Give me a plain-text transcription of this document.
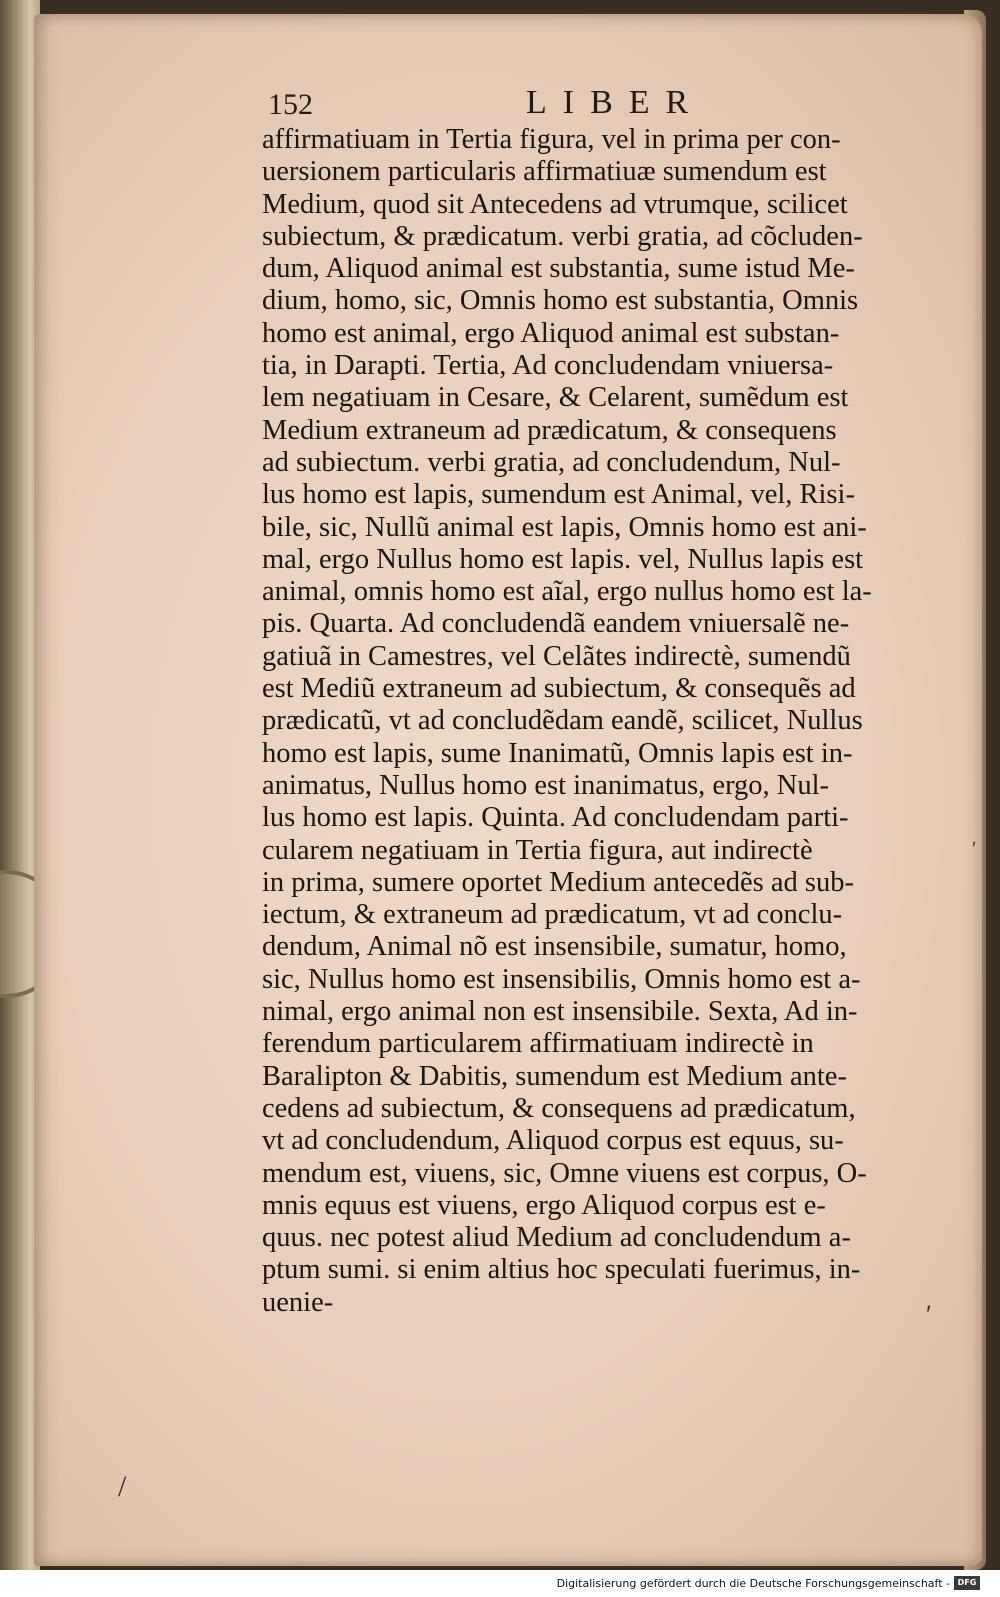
152	LIBER
affirmatiuam in Tertia figura, vel in prima per con-
uersionem particularis affirmatiuæ sumendum est
Medium, quod sit Antecedens ad vtrumque, scilicet
subiectum, & prædicatum. verbi gratia, ad cõcluden-
dum, Aliquod animal est substantia, sume istud Me-
dium, homo, sic, Omnis homo est substantia, Omnis
homo est animal, ergo Aliquod animal est substan-
tia, in Darapti. Tertia, Ad concludendam vniuersa-
lem negatiuam in Cesare, & Celarent, sumẽdum est
Medium extraneum ad prædicatum, & consequens
ad subiectum. verbi gratia, ad concludendum, Nul-
lus homo est lapis, sumendum est Animal, vel, Risi-
bile, sic, Nullũ animal est lapis, Omnis homo est ani-
mal, ergo Nullus homo est lapis. vel, Nullus lapis est
animal, omnis homo est aĩal, ergo nullus homo est la-
pis. Quarta. Ad concludendã eandem vniuersalẽ ne-
gatiuã in Camestres, vel Celãtes indirectè, sumendũ
est Mediũ extraneum ad subiectum, & consequẽs ad
prædicatũ, vt ad concludẽdam eandẽ, scilicet, Nullus
homo est lapis, sume Inanimatũ, Omnis lapis est in-
animatus, Nullus homo est inanimatus, ergo, Nul-
lus homo est lapis. Quinta. Ad concludendam parti-
cularem negatiuam in Tertia figura, aut indirectè
in prima, sumere oportet Medium antecedẽs ad sub-
iectum, & extraneum ad prædicatum, vt ad conclu-
dendum, Animal nõ est insensibile, sumatur, homo,
sic, Nullus homo est insensibilis, Omnis homo est a-
nimal, ergo animal non est insensibile. Sexta, Ad in-
ferendum particularem affirmatiuam indirectè in
Baralipton & Dabitis, sumendum est Medium ante-
cedens ad subiectum, & consequens ad prædicatum,
vt ad concludendum, Aliquod corpus est equus, su-
mendum est, viuens, sic, Omne viuens est corpus, O-
mnis equus est viuens, ergo Aliquod corpus est e-
quus. nec potest aliud Medium ad concludendum a-
ptum sumi. si enim altius hoc speculati fuerimus, in-
uenie-
ʹ
ʹ
/
Digitalisierung gefördert durch die Deutsche Forschungsgemeinschaft - DFG
